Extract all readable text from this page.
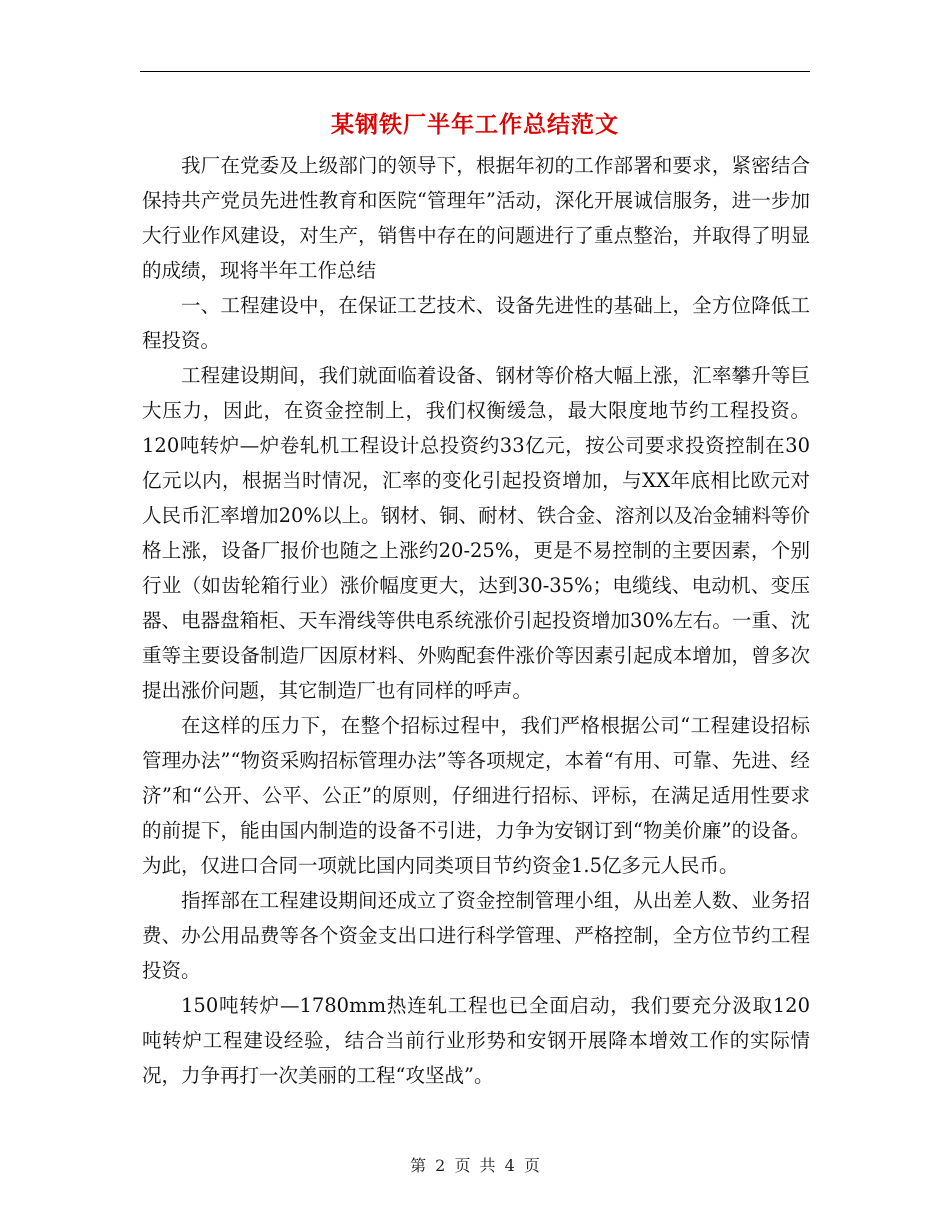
某钢铁厂半年工作总结范文

我厂在党委及上级部门的领导下，根据年初的工作部署和要求，紧密结合保持共产党员先进性教育和医院“管理年”活动，深化开展诚信服务，进一步加大行业作风建设，对生产，销售中存在的问题进行了重点整治，并取得了明显的成绩，现将半年工作总结

一、工程建设中，在保证工艺技术、设备先进性的基础上，全方位降低工程投资。

工程建设期间，我们就面临着设备、钢材等价格大幅上涨，汇率攀升等巨大压力，因此，在资金控制上，我们权衡缓急，最大限度地节约工程投资。120吨转炉—炉卷轧机工程设计总投资约33亿元，按公司要求投资控制在30亿元以内，根据当时情况，汇率的变化引起投资增加，与XX年底相比欧元对人民币汇率增加20%以上。钢材、铜、耐材、铁合金、溶剂以及冶金辅料等价格上涨，设备厂报价也随之上涨约20-25%，更是不易控制的主要因素，个别行业（如齿轮箱行业）涨价幅度更大，达到30-35%；电缆线、电动机、变压器、电器盘箱柜、天车滑线等供电系统涨价引起投资增加30%左右。一重、沈重等主要设备制造厂因原材料、外购配套件涨价等因素引起成本增加，曾多次提出涨价问题，其它制造厂也有同样的呼声。

在这样的压力下，在整个招标过程中，我们严格根据公司“工程建设招标管理办法”“物资采购招标管理办法”等各项规定，本着“有用、可靠、先进、经济”和“公开、公平、公正”的原则，仔细进行招标、评标，在满足适用性要求的前提下，能由国内制造的设备不引进，力争为安钢订到“物美价廉”的设备。为此，仅进口合同一项就比国内同类项目节约资金1.5亿多元人民币。

指挥部在工程建设期间还成立了资金控制管理小组，从出差人数、业务招费、办公用品费等各个资金支出口进行科学管理、严格控制，全方位节约工程投资。

150吨转炉—1780mm热连轧工程也已全面启动，我们要充分汲取120吨转炉工程建设经验，结合当前行业形势和安钢开展降本增效工作的实际情况，力争再打一次美丽的工程“攻坚战”。

第 2 页 共 4 页
